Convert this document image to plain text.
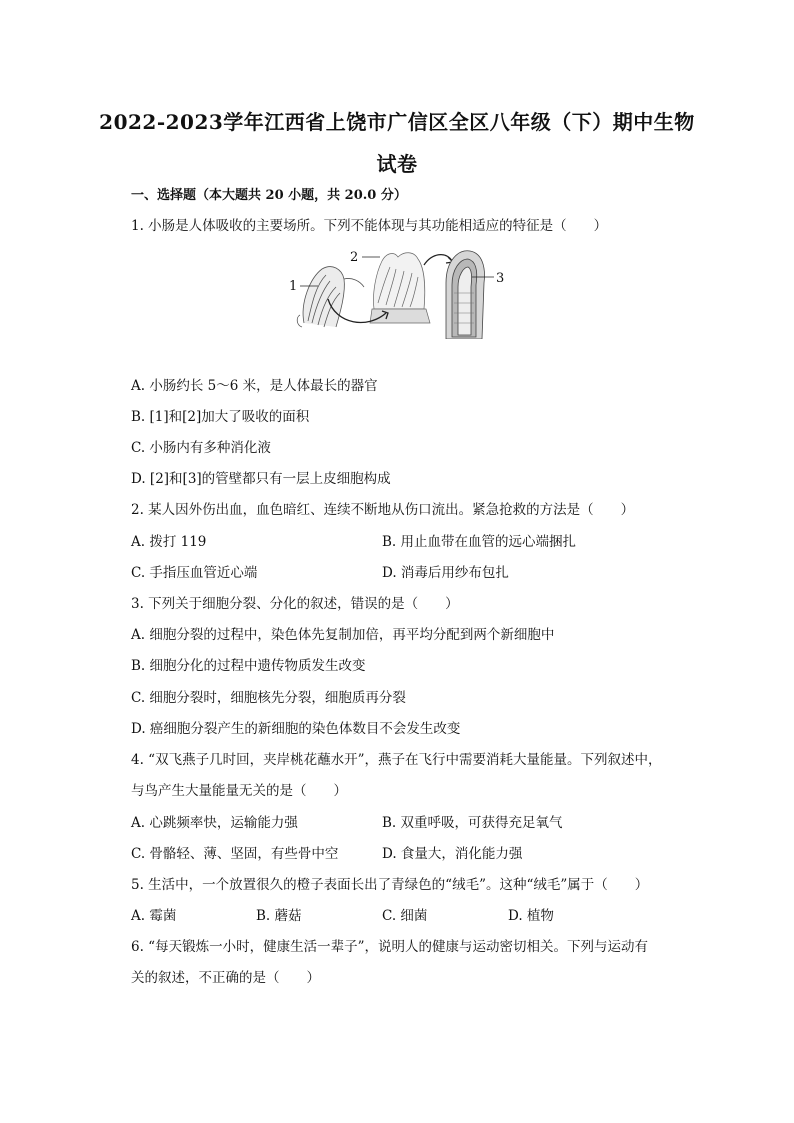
2022-2023学年江西省上饶市广信区全区八年级（下）期中生物
试卷
一、选择题（本大题共 20 小题，共 20.0 分）
1. 小肠是人体吸收的主要场所。下列不能体现与其功能相适应的特征是（　　）
1
2
3
A. 小肠约长 5～6 米，是人体最长的器官
B. [1]和[2]加大了吸收的面积
C. 小肠内有多种消化液
D. [2]和[3]的管壁都只有一层上皮细胞构成
2. 某人因外伤出血，血色暗红、连续不断地从伤口流出。紧急抢救的方法是（　　）
A. 拨打 119	B. 用止血带在血管的远心端捆扎
C. 手指压血管近心端	D. 消毒后用纱布包扎
3. 下列关于细胞分裂、分化的叙述，错误的是（　　）
A. 细胞分裂的过程中，染色体先复制加倍，再平均分配到两个新细胞中
B. 细胞分化的过程中遗传物质发生改变
C. 细胞分裂时，细胞核先分裂，细胞质再分裂
D. 癌细胞分裂产生的新细胞的染色体数目不会发生改变
4. “双飞燕子几时回，夹岸桃花蘸水开”，燕子在飞行中需要消耗大量能量。下列叙述中，
与鸟产生大量能量无关的是（　　）
A. 心跳频率快，运输能力强	B. 双重呼吸，可获得充足氧气
C. 骨骼轻、薄、坚固，有些骨中空	D. 食量大，消化能力强
5. 生活中，一个放置很久的橙子表面长出了青绿色的“绒毛”。这种“绒毛”属于（　　）
A. 霉菌	B. 蘑菇	C. 细菌	D. 植物
6. “每天锻炼一小时，健康生活一辈子”，说明人的健康与运动密切相关。下列与运动有
关的叙述，不正确的是（　　）
